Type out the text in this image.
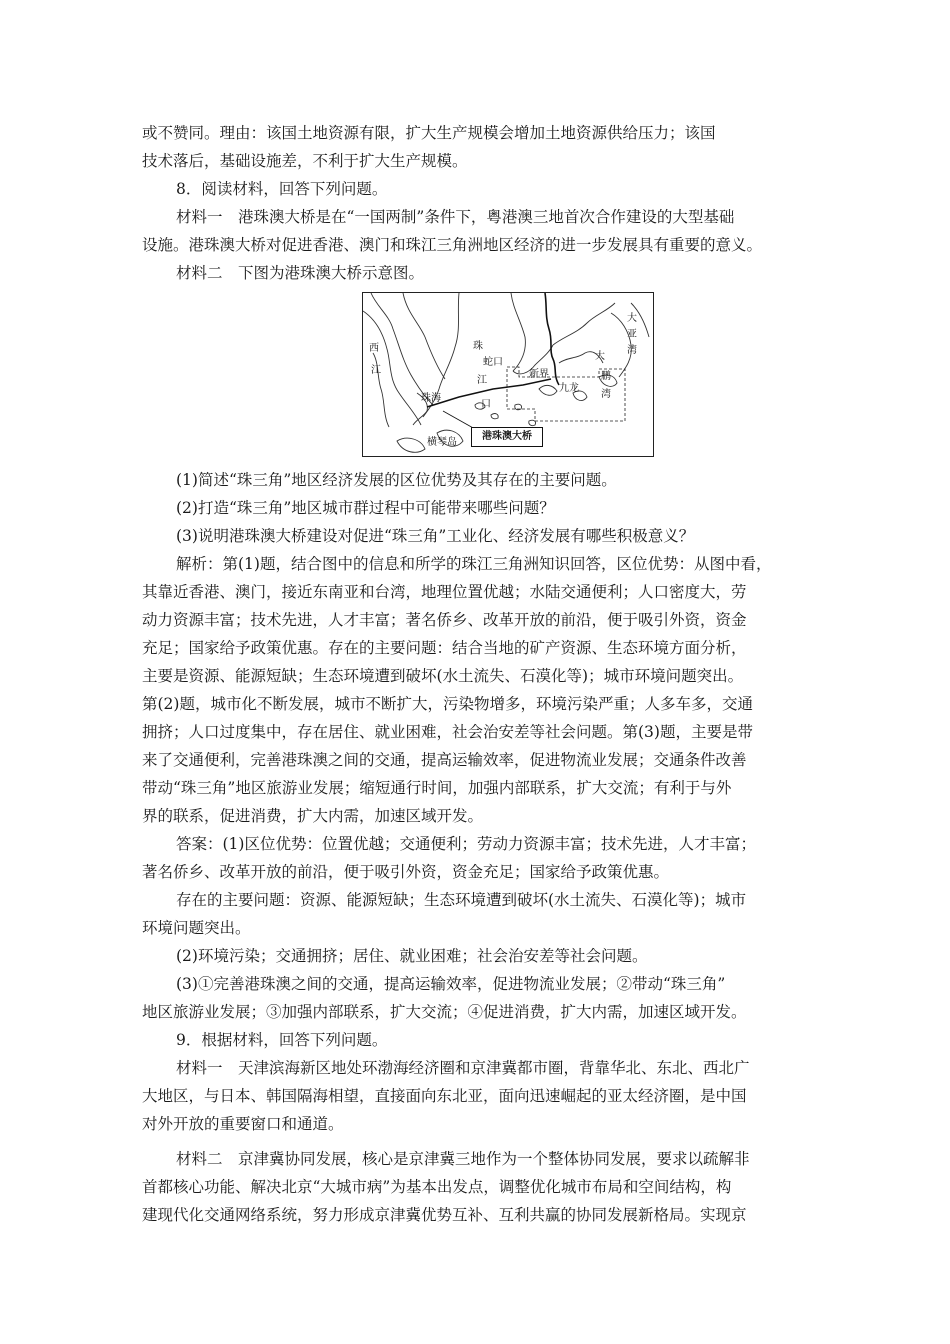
或不赞同。理由：该国土地资源有限，扩大生产规模会增加土地资源供给压力；该国
技术落后，基础设施差，不利于扩大生产规模。
8．阅读材料，回答下列问题。
材料一　港珠澳大桥是在“一国两制”条件下，粤港澳三地首次合作建设的大型基础
设施。港珠澳大桥对促进香港、澳门和珠江三角洲地区经济的进一步发展具有重要的意义。
材料二　下图为港珠澳大桥示意图。
西
江
珠
江
口
蛇口
珠海
横琴岛
新界
九龙
大
亚
湾
大
鹏
湾
港珠澳大桥
(1)简述“珠三角”地区经济发展的区位优势及其存在的主要问题。
(2)打造“珠三角”地区城市群过程中可能带来哪些问题？
(3)说明港珠澳大桥建设对促进“珠三角”工业化、经济发展有哪些积极意义？
解析：第(1)题，结合图中的信息和所学的珠江三角洲知识回答，区位优势：从图中看，
其靠近香港、澳门，接近东南亚和台湾，地理位置优越；水陆交通便利；人口密度大，劳
动力资源丰富；技术先进，人才丰富；著名侨乡、改革开放的前沿，便于吸引外资，资金
充足；国家给予政策优惠。存在的主要问题：结合当地的矿产资源、生态环境方面分析，
主要是资源、能源短缺；生态环境遭到破坏(水土流失、石漠化等)；城市环境问题突出。
第(2)题，城市化不断发展，城市不断扩大，污染物增多，环境污染严重；人多车多，交通
拥挤；人口过度集中，存在居住、就业困难，社会治安差等社会问题。第(3)题，主要是带
来了交通便利，完善港珠澳之间的交通，提高运输效率，促进物流业发展；交通条件改善
带动“珠三角”地区旅游业发展；缩短通行时间，加强内部联系，扩大交流；有利于与外
界的联系，促进消费，扩大内需，加速区域开发。
答案：(1)区位优势：位置优越；交通便利；劳动力资源丰富；技术先进，人才丰富；
著名侨乡、改革开放的前沿，便于吸引外资，资金充足；国家给予政策优惠。
存在的主要问题：资源、能源短缺；生态环境遭到破坏(水土流失、石漠化等)；城市
环境问题突出。
(2)环境污染；交通拥挤；居住、就业困难；社会治安差等社会问题。
(3)①完善港珠澳之间的交通，提高运输效率，促进物流业发展；②带动“珠三角”
地区旅游业发展；③加强内部联系，扩大交流；④促进消费，扩大内需，加速区域开发。
9．根据材料，回答下列问题。
材料一　天津滨海新区地处环渤海经济圈和京津冀都市圈，背靠华北、东北、西北广
大地区，与日本、韩国隔海相望，直接面向东北亚，面向迅速崛起的亚太经济圈，是中国
对外开放的重要窗口和通道。
材料二　京津冀协同发展，核心是京津冀三地作为一个整体协同发展，要求以疏解非
首都核心功能、解决北京“大城市病”为基本出发点，调整优化城市布局和空间结构，构
建现代化交通网络系统，努力形成京津冀优势互补、互利共赢的协同发展新格局。实现京
